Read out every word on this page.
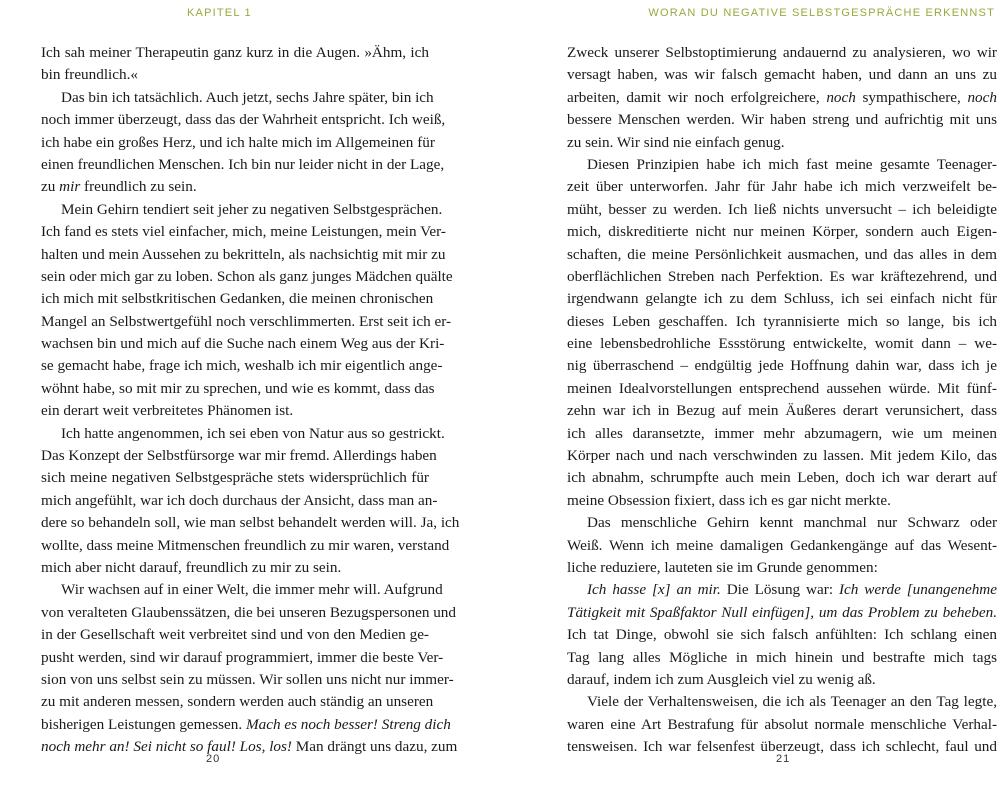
KAPITEL 1
Ich sah meiner Therapeutin ganz kurz in die Augen. »Ähm, ich
bin freundlich.«
Das bin ich tatsächlich. Auch jetzt, sechs Jahre später, bin ich
noch immer überzeugt, dass das der Wahrheit entspricht. Ich weiß,
ich habe ein großes Herz, und ich halte mich im Allgemeinen für
einen freundlichen Menschen. Ich bin nur leider nicht in der Lage,
zu mir freundlich zu sein.
Mein Gehirn tendiert seit jeher zu negativen Selbstgesprächen.
Ich fand es stets viel einfacher, mich, meine Leistungen, mein Ver-
halten und mein Aussehen zu bekritteln, als nachsichtig mit mir zu
sein oder mich gar zu loben. Schon als ganz junges Mädchen quälte
ich mich mit selbstkritischen Gedanken, die meinen chronischen
Mangel an Selbstwertgefühl noch verschlimmerten. Erst seit ich er-
wachsen bin und mich auf die Suche nach einem Weg aus der Kri-
se gemacht habe, frage ich mich, weshalb ich mir eigentlich ange-
wöhnt habe, so mit mir zu sprechen, und wie es kommt, dass das
ein derart weit verbreitetes Phänomen ist.
Ich hatte angenommen, ich sei eben von Natur aus so gestrickt.
Das Konzept der Selbstfürsorge war mir fremd. Allerdings haben
sich meine negativen Selbstgespräche stets widersprüchlich für
mich angefühlt, war ich doch durchaus der Ansicht, dass man an-
dere so behandeln soll, wie man selbst behandelt werden will. Ja, ich
wollte, dass meine Mitmenschen freundlich zu mir waren, verstand
mich aber nicht darauf, freundlich zu mir zu sein.
Wir wachsen auf in einer Welt, die immer mehr will. Aufgrund
von veralteten Glaubenssätzen, die bei unseren Bezugspersonen und
in der Gesellschaft weit verbreitet sind und von den Medien ge-
pusht werden, sind wir darauf programmiert, immer die beste Ver-
sion von uns selbst sein zu müssen. Wir sollen uns nicht nur immer-
zu mit anderen messen, sondern werden auch ständig an unseren
bisherigen Leistungen gemessen. Mach es noch besser! Streng dich
noch mehr an! Sei nicht so faul! Los, los! Man drängt uns dazu, zum
20
WORAN DU NEGATIVE SELBSTGESPRÄCHE ERKENNST
Zweck unserer Selbstoptimierung andauernd zu analysieren, wo wir
versagt haben, was wir falsch gemacht haben, und dann an uns zu
arbeiten, damit wir noch erfolgreichere, noch sympathischere, noch
bessere Menschen werden. Wir haben streng und aufrichtig mit uns
zu sein. Wir sind nie einfach genug.
Diesen Prinzipien habe ich mich fast meine gesamte Teenager-
zeit über unterworfen. Jahr für Jahr habe ich mich verzweifelt be-
müht, besser zu werden. Ich ließ nichts unversucht – ich beleidigte
mich, diskreditierte nicht nur meinen Körper, sondern auch Eigen-
schaften, die meine Persönlichkeit ausmachen, und das alles in dem
oberflächlichen Streben nach Perfektion. Es war kräftezehrend, und
irgendwann gelangte ich zu dem Schluss, ich sei einfach nicht für
dieses Leben geschaffen. Ich tyrannisierte mich so lange, bis ich
eine lebensbedrohliche Essstörung entwickelte, womit dann – we-
nig überraschend – endgültig jede Hoffnung dahin war, dass ich je
meinen Idealvorstellungen entsprechend aussehen würde. Mit fünf-
zehn war ich in Bezug auf mein Äußeres derart verunsichert, dass
ich alles daransetzte, immer mehr abzumagern, wie um meinen
Körper nach und nach verschwinden zu lassen. Mit jedem Kilo, das
ich abnahm, schrumpfte auch mein Leben, doch ich war derart auf
meine Obsession fixiert, dass ich es gar nicht merkte.
Das menschliche Gehirn kennt manchmal nur Schwarz oder
Weiß. Wenn ich meine damaligen Gedankengänge auf das Wesent-
liche reduziere, lauteten sie im Grunde genommen:
Ich hasse [x] an mir. Die Lösung war: Ich werde [unangenehme
Tätigkeit mit Spaßfaktor Null einfügen], um das Problem zu beheben.
Ich tat Dinge, obwohl sie sich falsch anfühlten: Ich schlang einen
Tag lang alles Mögliche in mich hinein und bestrafte mich tags
darauf, indem ich zum Ausgleich viel zu wenig aß.
Viele der Verhaltensweisen, die ich als Teenager an den Tag legte,
waren eine Art Bestrafung für absolut normale menschliche Verhal-
tensweisen. Ich war felsenfest überzeugt, dass ich schlecht, faul und
21
